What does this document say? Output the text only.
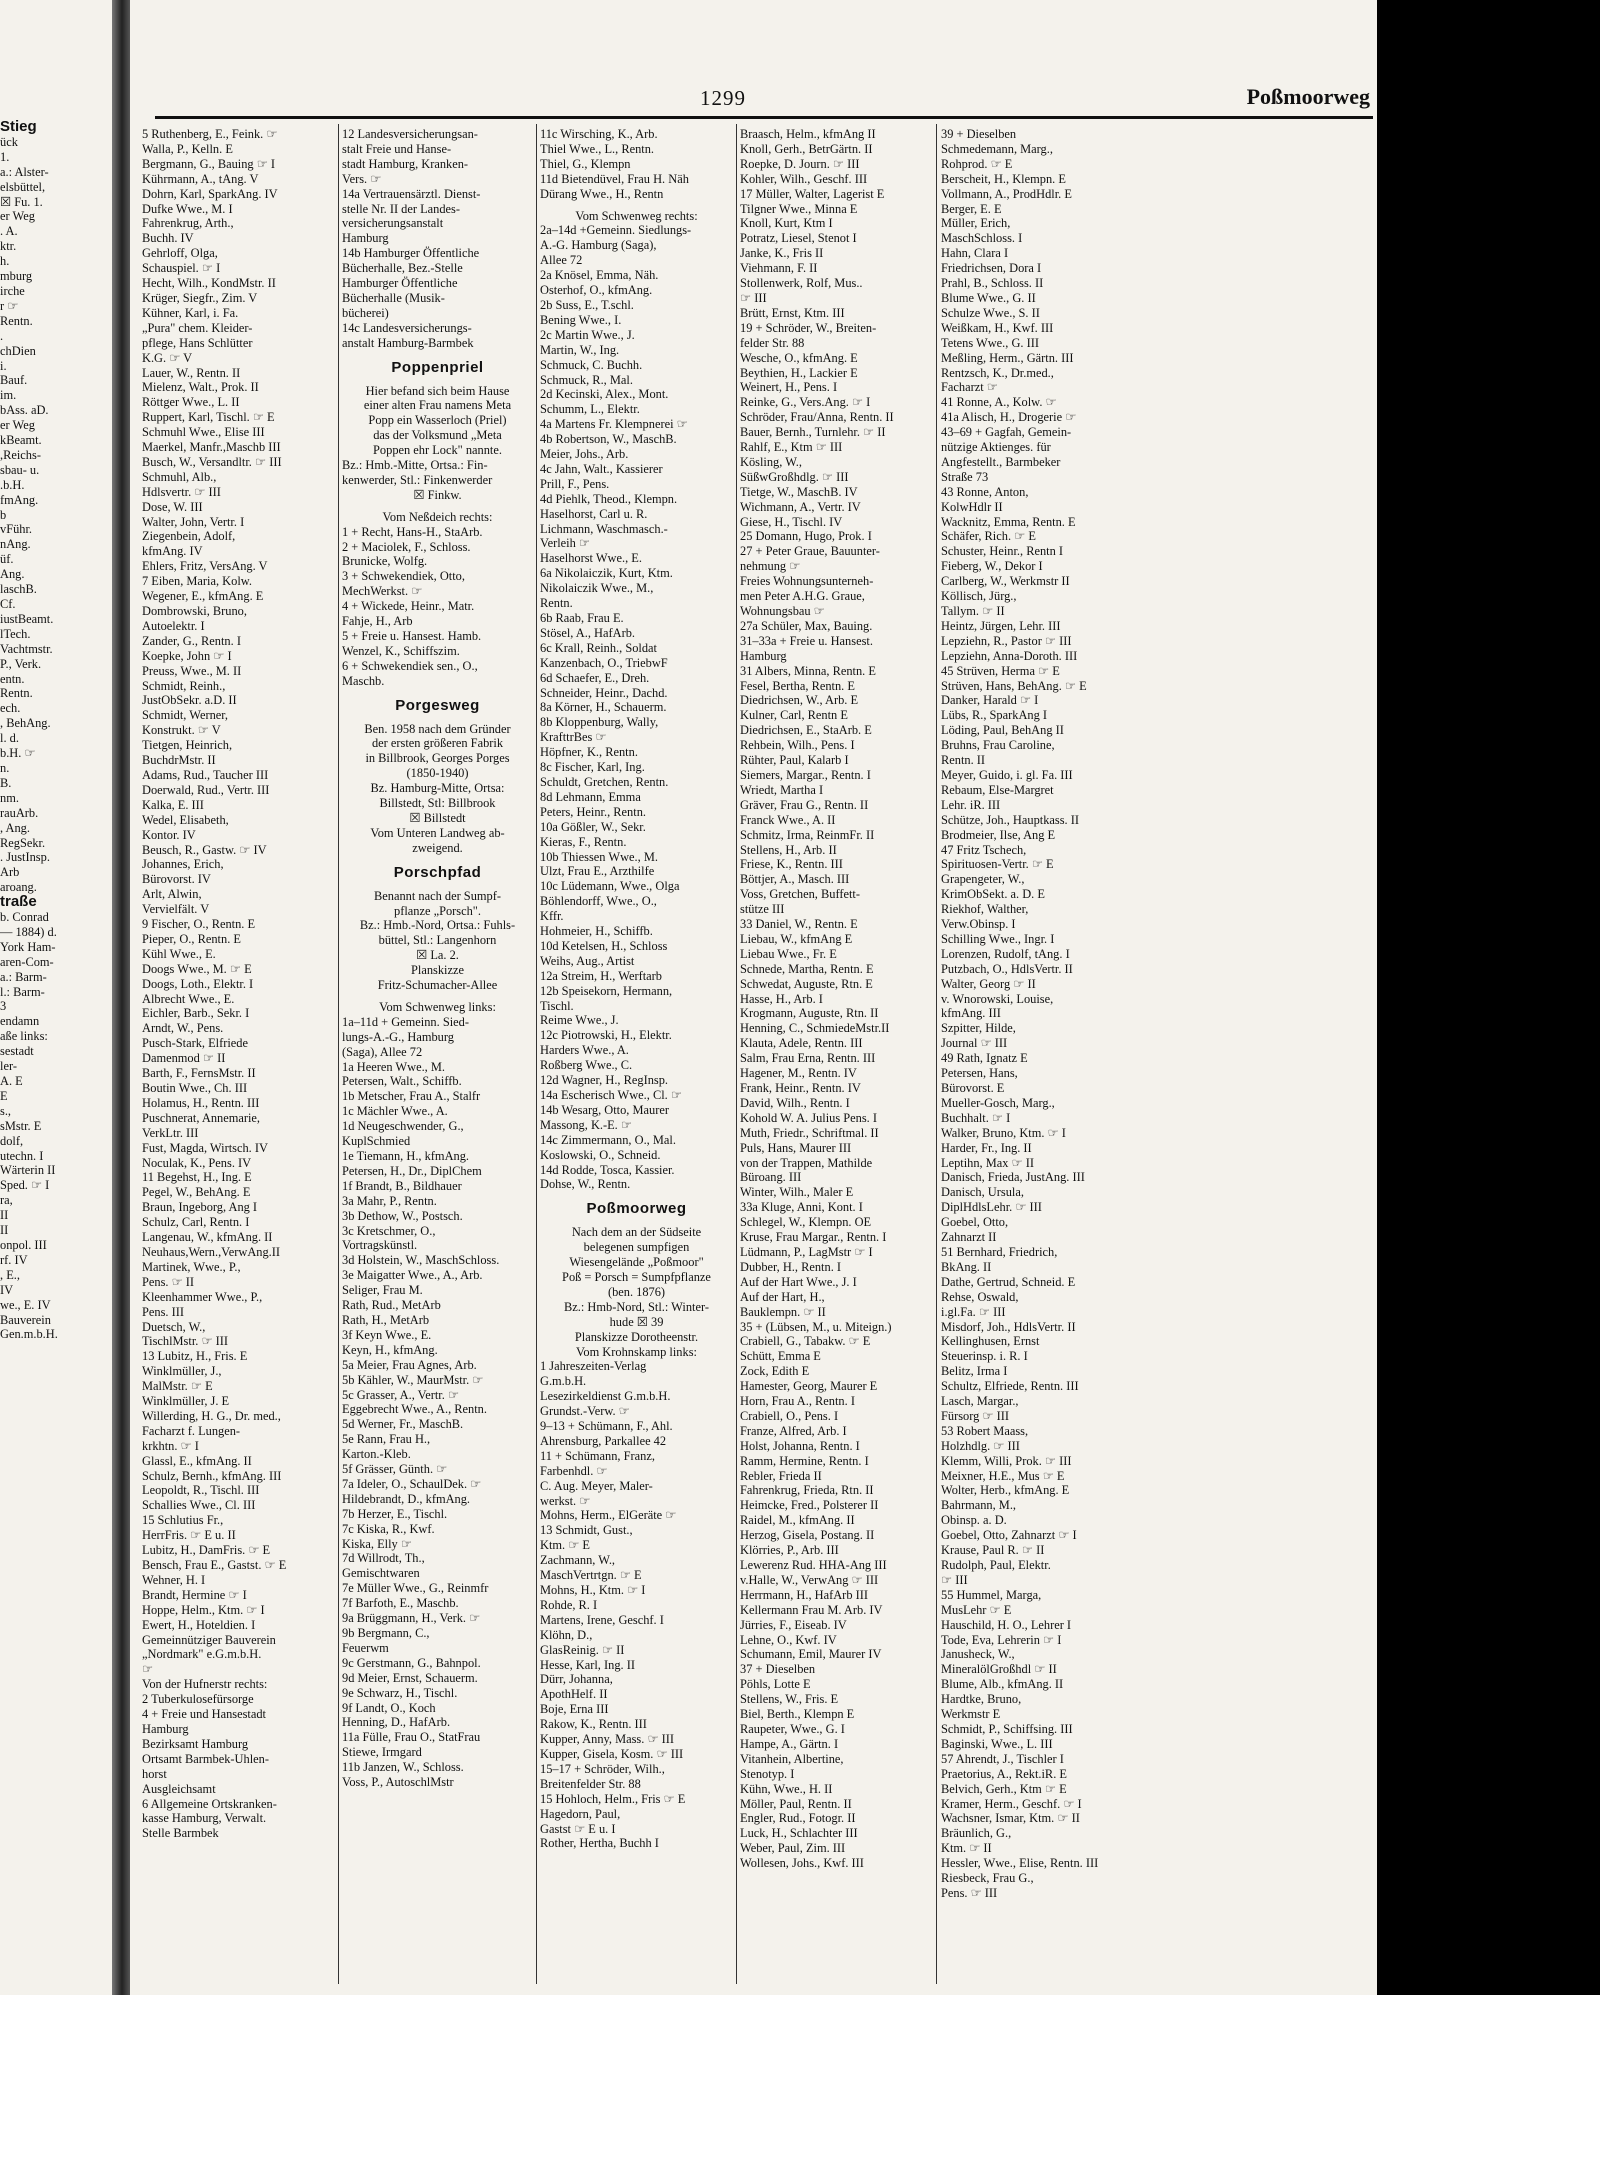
Stieg
ück
1.
a.: Alster-
elsbüttel,
☒ Fu. 1.
er Weg
. A.
ktr.
h.
mburg
irche
r ☞
Rentn.
.
chDien
i.
Bauf.
im.
bAss. aD.
er Weg
kBeamt.
,Reichs-
sbau- u.
.b.H.
fmAng.
b
vFühr.
nAng.
üf.
Ang.
laschB.
Cf.
iustBeamt.
lTech.
Vachtmstr.
P., Verk.
entn.
Rentn.
ech.
, BehAng.
l. d.
b.H. ☞
n.
B.
nm.
rauArb.
, Ang.
RegSekr.
. JustInsp.
Arb
aroang.
traße
b. Conrad
— 1884) d.
York Ham-
aren-Com-
a.: Barm-
l.: Barm-
3
endamn
aße links:
sestadt
ler-
A. E
E
s.,
sMstr. E
dolf,
utechn. I
Wärterin II
Sped. ☞ I
ra,
II
II
onpol. III
rf. IV
, E.,
IV
we., E. IV
Bauverein
Gen.m.b.H.
1299	Poßmoorweg
5 Ruthenberg, E., Feink. ☞
Walla, P., Kelln. E
Bergmann, G., Bauing ☞ I
Kührmann, A., tAng. V
Dohrn, Karl, SparkAng. IV
Dufke Wwe., M. I
Fahrenkrug, Arth.,
Buchh. IV
Gehrloff, Olga,
Schauspiel. ☞ I
Hecht, Wilh., KondMstr. II
Krüger, Siegfr., Zim. V
Kühner, Karl, i. Fa.
„Pura" chem. Kleider-
pflege, Hans Schlütter
K.G. ☞ V
Lauer, W., Rentn. II
Mielenz, Walt., Prok. II
Röttger Wwe., L. II
Ruppert, Karl, Tischl. ☞ E
Schmuhl Wwe., Elise III
Maerkel, Manfr.,Maschb III
Busch, W., Versandltr. ☞ III
Schmuhl, Alb.,
Hdlsvertr. ☞ III
Dose, W. III
Walter, John, Vertr. I
Ziegenbein, Adolf,
kfmAng. IV
Ehlers, Fritz, VersAng. V
7 Eiben, Maria, Kolw.
Wegener, E., kfmAng. E
Dombrowski, Bruno,
Autoelektr. I
Zander, G., Rentn. I
Koepke, John ☞ I
Preuss, Wwe., M. II
Schmidt, Reinh.,
JustObSekr. a.D. II
Schmidt, Werner,
Konstrukt. ☞ V
Tietgen, Heinrich,
BuchdrMstr. II
Adams, Rud., Taucher III
Doerwald, Rud., Vertr. III
Kalka, E. III
Wedel, Elisabeth,
Kontor. IV
Beusch, R., Gastw. ☞ IV
Johannes, Erich,
Bürovorst. IV
Arlt, Alwin,
Vervielfält. V
9 Fischer, O., Rentn. E
Pieper, O., Rentn. E
Kühl Wwe., E.
Doogs Wwe., M. ☞ E
Doogs, Loth., Elektr. I
Albrecht Wwe., E.
Eichler, Barb., Sekr. I
Arndt, W., Pens.
Pusch-Stark, Elfriede
Damenmod ☞ II
Barth, F., FernsMstr. II
Boutin Wwe., Ch. III
Holamus, H., Rentn. III
Puschnerat, Annemarie,
VerkLtr. III
Fust, Magda, Wirtsch. IV
Noculak, K., Pens. IV
11 Begehst, H., Ing. E
Pegel, W., BehAng. E
Braun, Ingeborg, Ang I
Schulz, Carl, Rentn. I
Langenau, W., kfmAng. II
Neuhaus,Wern.,VerwAng.II
Martinek, Wwe., P.,
Pens. ☞ II
Kleenhammer Wwe., P.,
Pens. III
Duetsch, W.,
TischlMstr. ☞ III
13 Lubitz, H., Fris. E
Winklmüller, J.,
MalMstr. ☞ E
Winklmüller, J. E
Willerding, H. G., Dr. med.,
Facharzt f. Lungen-
krkhtn. ☞ I
Glassl, E., kfmAng. II
Schulz, Bernh., kfmAng. III
Leopoldt, R., Tischl. III
Schallies Wwe., Cl. III
15 Schlutius Fr.,
HerrFris. ☞ E u. II
Lubitz, H., DamFris. ☞ E
Bensch, Frau E., Gastst. ☞ E
Wehner, H. I
Brandt, Hermine ☞ I
Hoppe, Helm., Ktm. ☞ I
Ewert, H., Hoteldien. I
Gemeinnütziger Bauverein
„Nordmark" e.G.m.b.H.
☞
Von der Hufnerstr rechts:
2 Tuberkulosefürsorge
4 + Freie und Hansestadt
Hamburg
Bezirksamt Hamburg
Ortsamt Barmbek-Uhlen-
horst
Ausgleichsamt
6 Allgemeine Ortskranken-
kasse Hamburg, Verwalt.
Stelle Barmbek
12 Landesversicherungsan-
stalt Freie und Hanse-
stadt Hamburg, Kranken-
Vers. ☞
14a Vertrauensärztl. Dienst-
stelle Nr. II der Landes-
versicherungsanstalt
Hamburg
14b Hamburger Öffentliche
Bücherhalle, Bez.-Stelle
Hamburger Öffentliche
Bücherhalle (Musik-
bücherei)
14c Landesversicherungs-
anstalt Hamburg-Barmbek
Poppenpriel
Hier befand sich beim Hause
einer alten Frau namens Meta
Popp ein Wasserloch (Priel)
das der Volksmund „Meta
Poppen ehr Lock" nannte.
Bz.: Hmb.-Mitte, Ortsa.: Fin-
kenwerder, Stl.: Finkenwerder
☒ Finkw.
Vom Neßdeich rechts:
1 + Recht, Hans-H., StaArb.
2 + Maciolek, F., Schloss.
Brunicke, Wolfg.
3 + Schwekendiek, Otto,
MechWerkst. ☞
4 + Wickede, Heinr., Matr.
Fahje, H., Arb
5 + Freie u. Hansest. Hamb.
Wenzel, K., Schiffszim.
6 + Schwekendiek sen., O.,
Maschb.
Porgesweg
Ben. 1958 nach dem Gründer
der ersten größeren Fabrik
in Billbrook, Georges Porges
(1850-1940)
Bz. Hamburg-Mitte, Ortsa:
Billstedt, Stl: Billbrook
☒ Billstedt
Vom Unteren Landweg ab-
zweigend.
Porschpfad
Benannt nach der Sumpf-
pflanze „Porsch".
Bz.: Hmb.-Nord, Ortsa.: Fuhls-
büttel, Stl.: Langenhorn
☒ La. 2.
Planskizze
Fritz-Schumacher-Allee
Vom Schwenweg links:
1a–11d + Gemeinn. Sied-
lungs-A.-G., Hamburg
(Saga), Allee 72
1a Heeren Wwe., M.
Petersen, Walt., Schiffb.
1b Metscher, Frau A., Stalfr
1c Mächler Wwe., A.
1d Neugeschwender, G.,
KuplSchmied
1e Tiemann, H., kfmAng.
Petersen, H., Dr., DiplChem
1f Brandt, B., Bildhauer
3a Mahr, P., Rentn.
3b Dethow, W., Postsch.
3c Kretschmer, O.,
Vortragskünstl.
3d Holstein, W., MaschSchloss.
3e Maigatter Wwe., A., Arb.
Seliger, Frau M.
Rath, Rud., MetArb
Rath, H., MetArb
3f Keyn Wwe., E.
Keyn, H., kfmAng.
5a Meier, Frau Agnes, Arb.
5b Kähler, W., MaurMstr. ☞
5c Grasser, A., Vertr. ☞
Eggebrecht Wwe., A., Rentn.
5d Werner, Fr., MaschB.
5e Rann, Frau H.,
Karton.-Kleb.
5f Grässer, Günth. ☞
7a Ideler, O., SchaulDek. ☞
Hildebrandt, D., kfmAng.
7b Herzer, E., Tischl.
7c Kiska, R., Kwf.
Kiska, Elly ☞
7d Willrodt, Th.,
Gemischtwaren
7e Müller Wwe., G., Reinmfr
7f Barfoth, E., Maschb.
9a Brüggmann, H., Verk. ☞
9b Bergmann, C.,
Feuerwm
9c Gerstmann, G., Bahnpol.
9d Meier, Ernst, Schauerm.
9e Schwarz, H., Tischl.
9f Landt, O., Koch
Henning, D., HafArb.
11a Fülle, Frau O., StatFrau
Stiewe, Irmgard
11b Janzen, W., Schloss.
Voss, P., AutoschlMstr
11c Wirsching, K., Arb.
Thiel Wwe., L., Rentn.
Thiel, G., Klempn
11d Bietendüvel, Frau H. Näh
Dürang Wwe., H., Rentn
Vom Schwenweg rechts:
2a–14d +Gemeinn. Siedlungs-
A.-G. Hamburg (Saga),
Allee 72
2a Knösel, Emma, Näh.
Osterhof, O., kfmAng.
2b Suss, E., T.schl.
Bening Wwe., I.
2c Martin Wwe., J.
Martin, W., Ing.
Schmuck, C. Buchh.
Schmuck, R., Mal.
2d Kecinski, Alex., Mont.
Schumm, L., Elektr.
4a Martens Fr. Klempnerei ☞
4b Robertson, W., MaschB.
Meier, Johs., Arb.
4c Jahn, Walt., Kassierer
Prill, F., Pens.
4d Piehlk, Theod., Klempn.
Haselhorst, Carl u. R.
Lichmann, Waschmasch.-
Verleih ☞
Haselhorst Wwe., E.
6a Nikolaiczik, Kurt, Ktm.
Nikolaiczik Wwe., M.,
Rentn.
6b Raab, Frau E.
Stösel, A., HafArb.
6c Krall, Reinh., Soldat
Kanzenbach, O., TriebwF
6d Schaefer, E., Dreh.
Schneider, Heinr., Dachd.
8a Körner, H., Schauerm.
8b Kloppenburg, Wally,
KrafttrBes ☞
Höpfner, K., Rentn.
8c Fischer, Karl, Ing.
Schuldt, Gretchen, Rentn.
8d Lehmann, Emma
Peters, Heinr., Rentn.
10a Gößler, W., Sekr.
Kieras, F., Rentn.
10b Thiessen Wwe., M.
Ulzt, Frau E., Arzthilfe
10c Lüdemann, Wwe., Olga
Böhlendorff, Wwe., O.,
Kffr.
Hohmeier, H., Schiffb.
10d Ketelsen, H., Schloss
Weihs, Aug., Artist
12a Streim, H., Werftarb
12b Speisekorn, Hermann,
Tischl.
Reime Wwe., J.
12c Piotrowski, H., Elektr.
Harders Wwe., A.
Roßberg Wwe., C.
12d Wagner, H., RegInsp.
14a Escherisch Wwe., Cl. ☞
14b Wesarg, Otto, Maurer
Massong, K.-E. ☞
14c Zimmermann, O., Mal.
Koslowski, O., Schneid.
14d Rodde, Tosca, Kassier.
Dohse, W., Rentn.
Poßmoorweg
Nach dem an der Südseite
belegenen sumpfigen
Wiesengelände „Poßmoor"
Poß = Porsch = Sumpfpflanze
(ben. 1876)
Bz.: Hmb-Nord, Stl.: Winter-
hude ☒ 39
Planskizze Dorotheenstr.
Vom Krohnskamp links:
1 Jahreszeiten-Verlag
G.m.b.H.
Lesezirkeldienst G.m.b.H.
Grundst.-Verw. ☞
9–13 + Schümann, F., Ahl.
Ahrensburg, Parkallee 42
11 + Schümann, Franz,
Farbenhdl. ☞
C. Aug. Meyer, Maler-
werkst. ☞
Mohns, Herm., ElGeräte ☞
13 Schmidt, Gust.,
Ktm. ☞ E
Zachmann, W.,
MaschVertrtgn. ☞ E
Mohns, H., Ktm. ☞ I
Rohde, R. I
Martens, Irene, Geschf. I
Klöhn, D.,
GlasReinig. ☞ II
Hesse, Karl, Ing. II
Dürr, Johanna,
ApothHelf. II
Boje, Erna III
Rakow, K., Rentn. III
Kupper, Anny, Mass. ☞ III
Kupper, Gisela, Kosm. ☞ III
15–17 + Schröder, Wilh.,
Breitenfelder Str. 88
15 Hohloch, Helm., Fris ☞ E
Hagedorn, Paul,
Gastst ☞ E u. I
Rother, Hertha, Buchh I
Braasch, Helm., kfmAng II
Knoll, Gerh., BetrGärtn. II
Roepke, D. Journ. ☞ III
Kohler, Wilh., Geschf. III
17 Müller, Walter, Lagerist E
Tilgner Wwe., Minna E
Knoll, Kurt, Ktm I
Potratz, Liesel, Stenot I
Janke, K., Fris II
Viehmann, F. II
Stollenwerk, Rolf, Mus..
☞ III
Brütt, Ernst, Ktm. III
19 + Schröder, W., Breiten-
felder Str. 88
Wesche, O., kfmAng. E
Beythien, H., Lackier E
Weinert, H., Pens. I
Reinke, G., Vers.Ang. ☞ I
Schröder, Frau/Anna, Rentn. II
Bauer, Bernh., Turnlehr. ☞ II
Rahlf, E., Ktm ☞ III
Kösling, W.,
SüßwGroßhdlg. ☞ III
Tietge, W., MaschB. IV
Wichmann, A., Vertr. IV
Giese, H., Tischl. IV
25 Domann, Hugo, Prok. I
27 + Peter Graue, Bauunter-
nehmung ☞
Freies Wohnungsunterneh-
men Peter A.H.G. Graue,
Wohnungsbau ☞
27a Schüler, Max, Bauing.
31–33a + Freie u. Hansest.
Hamburg
31 Albers, Minna, Rentn. E
Fesel, Bertha, Rentn. E
Diedrichsen, W., Arb. E
Kulner, Carl, Rentn E
Diedrichsen, E., StaArb. E
Rehbein, Wilh., Pens. I
Rühter, Paul, Kalarb I
Siemers, Margar., Rentn. I
Wriedt, Martha I
Gräver, Frau G., Rentn. II
Franck Wwe., A. II
Schmitz, Irma, ReinmFr. II
Stellens, H., Arb. II
Friese, K., Rentn. III
Böttjer, A., Masch. III
Voss, Gretchen, Buffett-
stütze III
33 Daniel, W., Rentn. E
Liebau, W., kfmAng E
Liebau Wwe., Fr. E
Schnede, Martha, Rentn. E
Schwedat, Auguste, Rtn. E
Hasse, H., Arb. I
Krogmann, Auguste, Rtn. II
Henning, C., SchmiedeMstr.II
Klauta, Adele, Rentn. III
Salm, Frau Erna, Rentn. III
Hagener, M., Rentn. IV
Frank, Heinr., Rentn. IV
David, Wilh., Rentn. I
Kohold W. A. Julius Pens. I
Muth, Friedr., Schriftmal. II
Puls, Hans, Maurer III
von der Trappen, Mathilde
Büroang. III
Winter, Wilh., Maler E
33a Kluge, Anni, Kont. I
Schlegel, W., Klempn. OE
Kruse, Frau Margar., Rentn. I
Lüdmann, P., LagMstr ☞ I
Dubber, H., Rentn. I
Auf der Hart Wwe., J. I
Auf der Hart, H.,
Bauklempn. ☞ II
35 + (Lübsen, M., u. Miteign.)
Crabiell, G., Tabakw. ☞ E
Schütt, Emma E
Zock, Edith E
Hamester, Georg, Maurer E
Horn, Frau A., Rentn. I
Crabiell, O., Pens. I
Franze, Alfred, Arb. I
Holst, Johanna, Rentn. I
Ramm, Hermine, Rentn. I
Rebler, Frieda II
Fahrenkrug, Frieda, Rtn. II
Heimcke, Fred., Polsterer II
Raidel, M., kfmAng. II
Herzog, Gisela, Postang. II
Klörries, P., Arb. III
Lewerenz Rud. HHA-Ang III
v.Halle, W., VerwAng ☞ III
Herrmann, H., HafArb III
Kellermann Frau M. Arb. IV
Jürries, F., Eiseab. IV
Lehne, O., Kwf. IV
Schumann, Emil, Maurer IV
37 + Dieselben
Pöhls, Lotte E
Stellens, W., Fris. E
Biel, Berth., Klempn E
Raupeter, Wwe., G. I
Hampe, A., Gärtn. I
Vitanhein, Albertine,
Stenotyp. I
Kühn, Wwe., H. II
Möller, Paul, Rentn. II
Engler, Rud., Fotogr. II
Luck, H., Schlachter III
Weber, Paul, Zim. III
Wollesen, Johs., Kwf. III
39 + Dieselben
Schmedemann, Marg.,
Rohprod. ☞ E
Berscheit, H., Klempn. E
Vollmann, A., ProdHdlr. E
Berger, E. E
Müller, Erich,
MaschSchloss. I
Hahn, Clara I
Friedrichsen, Dora I
Prahl, B., Schloss. II
Blume Wwe., G. II
Schulze Wwe., S. II
Weißkam, H., Kwf. III
Tetens Wwe., G. III
Meßling, Herm., Gärtn. III
Rentzsch, K., Dr.med.,
Facharzt ☞
41 Ronne, A., Kolw. ☞
41a Alisch, H., Drogerie ☞
43–69 + Gagfah, Gemein-
nützige Aktienges. für
Angfestellt., Barmbeker
Straße 73
43 Ronne, Anton,
KolwHdlr II
Wacknitz, Emma, Rentn. E
Schäfer, Rich. ☞ E
Schuster, Heinr., Rentn I
Fieberg, W., Dekor I
Carlberg, W., Werkmstr II
Köllisch, Jürg.,
Tallym. ☞ II
Heintz, Jürgen, Lehr. III
Lepziehn, R., Pastor ☞ III
Lepziehn, Anna-Doroth. III
45 Strüven, Herma ☞ E
Strüven, Hans, BehAng. ☞ E
Danker, Harald ☞ I
Lübs, R., SparkAng I
Löding, Paul, BehAng II
Bruhns, Frau Caroline,
Rentn. II
Meyer, Guido, i. gl. Fa. III
Rebaum, Else-Margret
Lehr. iR. III
Schütze, Joh., Hauptkass. II
Brodmeier, Ilse, Ang E
47 Fritz Tschech,
Spirituosen-Vertr. ☞ E
Grapengeter, W.,
KrimObSekt. a. D. E
Riekhof, Walther,
Verw.Obinsp. I
Schilling Wwe., Ingr. I
Lorenzen, Rudolf, tAng. I
Putzbach, O., HdlsVertr. II
Walter, Georg ☞ II
v. Wnorowski, Louise,
kfmAng. III
Szpitter, Hilde,
Journal ☞ III
49 Rath, Ignatz E
Petersen, Hans,
Bürovorst. E
Mueller-Gosch, Marg.,
Buchhalt. ☞ I
Walker, Bruno, Ktm. ☞ I
Harder, Fr., Ing. II
Leptihn, Max ☞ II
Danisch, Frieda, JustAng. III
Danisch, Ursula,
DiplHdlsLehr. ☞ III
Goebel, Otto,
Zahnarzt II
51 Bernhard, Friedrich,
BkAng. II
Dathe, Gertrud, Schneid. E
Rehse, Oswald,
i.gl.Fa. ☞ III
Misdorf, Joh., HdlsVertr. II
Kellinghusen, Ernst
Steuerinsp. i. R. I
Belitz, Irma I
Schultz, Elfriede, Rentn. III
Lasch, Margar.,
Fürsorg ☞ III
53 Robert Maass,
Holzhdlg. ☞ III
Klemm, Willi, Prok. ☞ III
Meixner, H.E., Mus ☞ E
Wolter, Herb., kfmAng. E
Bahrmann, M.,
Obinsp. a. D.
Goebel, Otto, Zahnarzt ☞ I
Krause, Paul R. ☞ II
Rudolph, Paul, Elektr.
☞ III
55 Hummel, Marga,
MusLehr ☞ E
Hauschild, H. O., Lehrer I
Tode, Eva, Lehrerin ☞ I
Janusheck, W.,
MineralölGroßhdl ☞ II
Blume, Alb., kfmAng. II
Hardtke, Bruno,
Werkmstr E
Schmidt, P., Schiffsing. III
Baginski, Wwe., L. III
57 Ahrendt, J., Tischler I
Praetorius, A., Rekt.iR. E
Belvich, Gerh., Ktm ☞ E
Kramer, Herm., Geschf. ☞ I
Wachsner, Ismar, Ktm. ☞ II
Bräunlich, G.,
Ktm. ☞ II
Hessler, Wwe., Elise, Rentn. III
Riesbeck, Frau G.,
Pens. ☞ III
